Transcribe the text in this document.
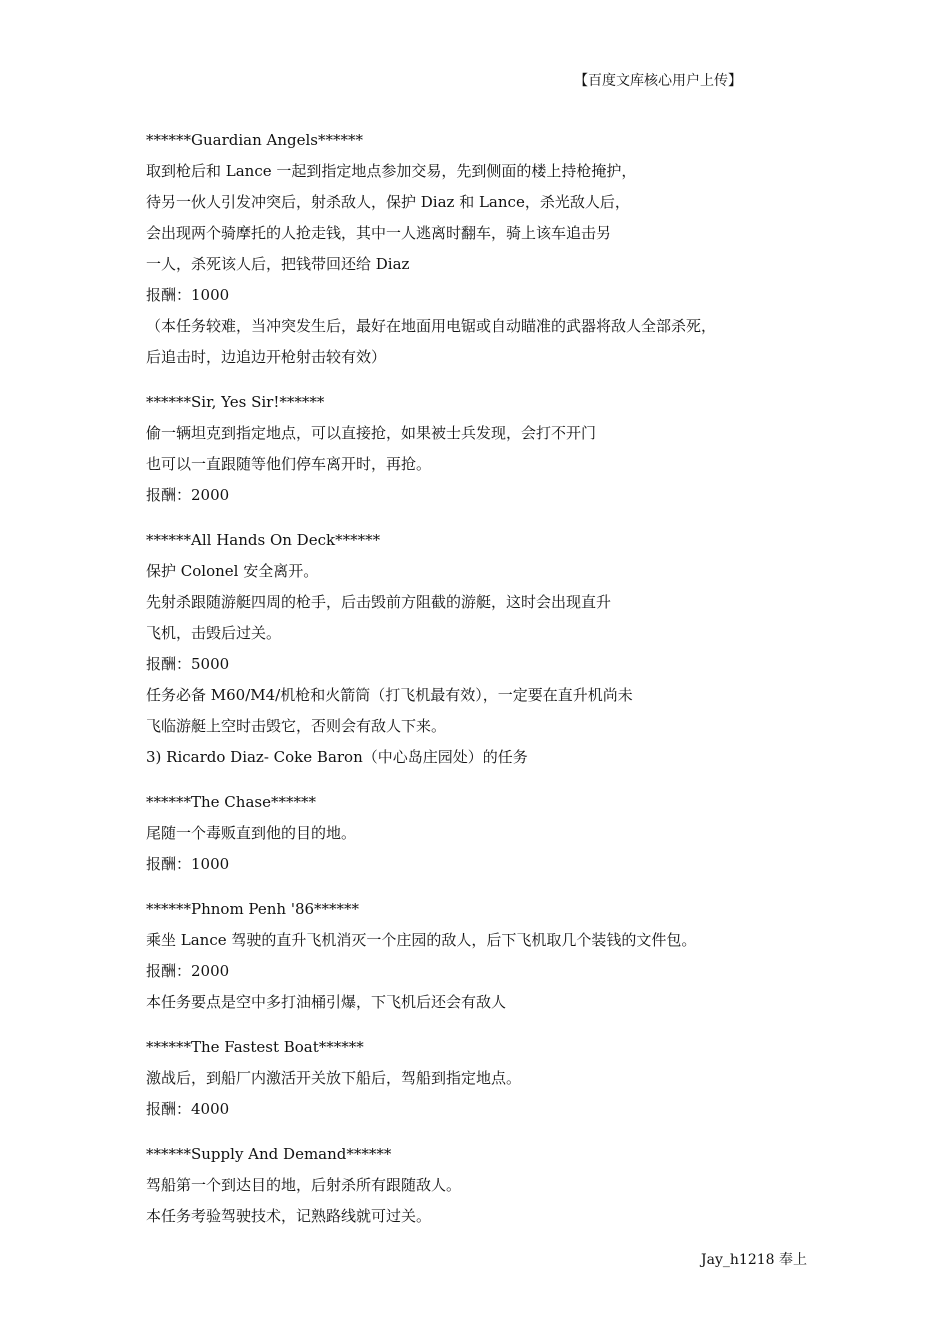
【百度文库核心用户上传】
******Guardian Angels******
取到枪后和 Lance 一起到指定地点参加交易，先到侧面的楼上持枪掩护，
待另一伙人引发冲突后，射杀敌人，保护 Diaz 和 Lance，杀光敌人后，
会出现两个骑摩托的人抢走钱，其中一人逃离时翻车，骑上该车追击另
一人，杀死该人后，把钱带回还给 Diaz
报酬：1000
（本任务较难，当冲突发生后，最好在地面用电锯或自动瞄准的武器将敌人全部杀死，
后追击时，边追边开枪射击较有效）
******Sir, Yes Sir!******
偷一辆坦克到指定地点，可以直接抢，如果被士兵发现，会打不开门
也可以一直跟随等他们停车离开时，再抢。
报酬：2000
******All Hands On Deck******
保护 Colonel 安全离开。
先射杀跟随游艇四周的枪手，后击毁前方阻截的游艇，这时会出现直升
飞机，击毁后过关。
报酬：5000
任务必备 M60/M4/机枪和火箭筒（打飞机最有效），一定要在直升机尚未
飞临游艇上空时击毁它，否则会有敌人下来。
3) Ricardo Diaz- Coke Baron（中心岛庄园处）的任务
******The Chase******
尾随一个毒贩直到他的目的地。
报酬：1000
******Phnom Penh '86******
乘坐 Lance 驾驶的直升飞机消灭一个庄园的敌人，后下飞机取几个装钱的文件包。
报酬：2000
本任务要点是空中多打油桶引爆，下飞机后还会有敌人
******The Fastest Boat******
激战后，到船厂内激活开关放下船后，驾船到指定地点。
报酬：4000
******Supply And Demand******
驾船第一个到达目的地，后射杀所有跟随敌人。
本任务考验驾驶技术，记熟路线就可过关。
Jay_h1218 奉上
